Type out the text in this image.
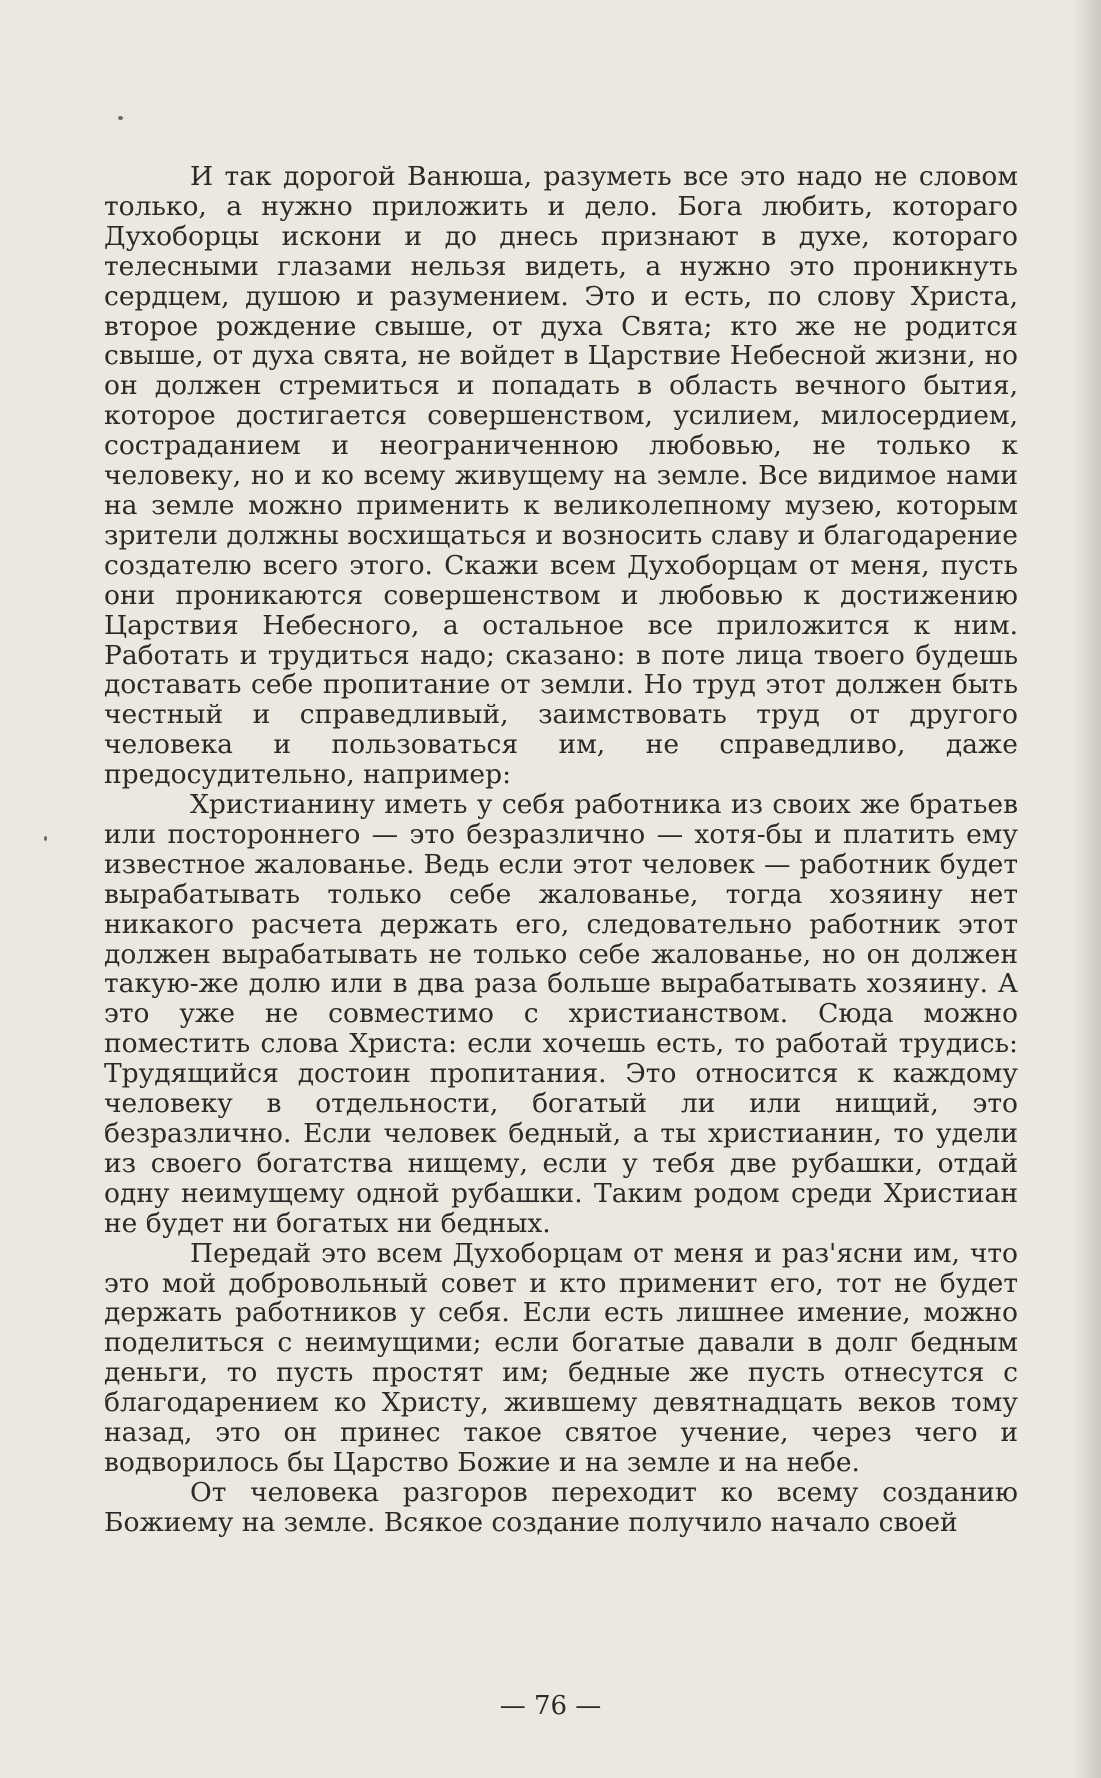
И так дорогой Ванюша, разуметь все это надо не словом только, а нужно приложить и дело. Бога любить, котораго Духоборцы искони и до днесь признают в духе, котораго телесными глазами нельзя видеть, а нужно это проникнуть сердцем, душою и разумением. Это и есть, по слову Христа, второе рождение свыше, от духа Свята; кто же не родится свыше, от духа свята, не войдет в Царствие Небесной жизни, но он должен стремиться и попадать в область вечного бытия, которое достигается совершенством, усилием, милосердием, состраданием и неограниченною любовью, не только к человеку, но и ко всему живущему на земле. Все видимое нами на земле можно применить к великолепному музею, которым зрители должны восхищаться и возносить славу и благодарение создателю всего этого. Скажи всем Духоборцам от меня, пусть они проникаются совершенством и любовью к достижению Царствия Небесного, а остальное все приложится к ним. Работать и трудиться надо; сказано: в поте лица твоего будешь доставать себе пропитание от земли. Но труд этот должен быть честный и справедливый, заимствовать труд от другого человека и пользоваться им, не справедливо, даже предосудительно, например:

Христианину иметь у себя работника из своих же братьев или постороннего — это безразлично — хотя-бы и платить ему известное жалованье. Ведь если этот человек — работник будет вырабатывать только себе жалованье, тогда хозяину нет никакого расчета держать его, следовательно работник этот должен вырабатывать не только себе жалованье, но он должен такую-же долю или в два раза больше вырабатывать хозяину. А это уже не совместимо с христианством. Сюда можно поместить слова Христа: если хочешь есть, то работай трудись: Трудящийся достоин пропитания. Это относится к каждому человеку в отдельности, богатый ли или нищий, это безразлично. Если человек бедный, а ты христианин, то удели из своего богатства нищему, если у тебя две рубашки, отдай одну неимущему одной рубашки. Таким родом среди Христиан не будет ни богатых ни бедных.

Передай это всем Духоборцам от меня и раз'ясни им, что это мой добровольный совет и кто применит его, тот не будет держать работников у себя. Если есть лишнее имение, можно поделиться с неимущими; если богатые давали в долг бедным деньги, то пусть простят им; бедные же пусть отнесутся с благодарением ко Христу, жившему девятнадцать веков тому назад, это он принес такое святое учение, через чего и водворилось бы Царство Божие и на земле и на небе.

От человека разгоров переходит ко всему созданию Божиему на земле. Всякое создание получило начало своей

— 76 —
